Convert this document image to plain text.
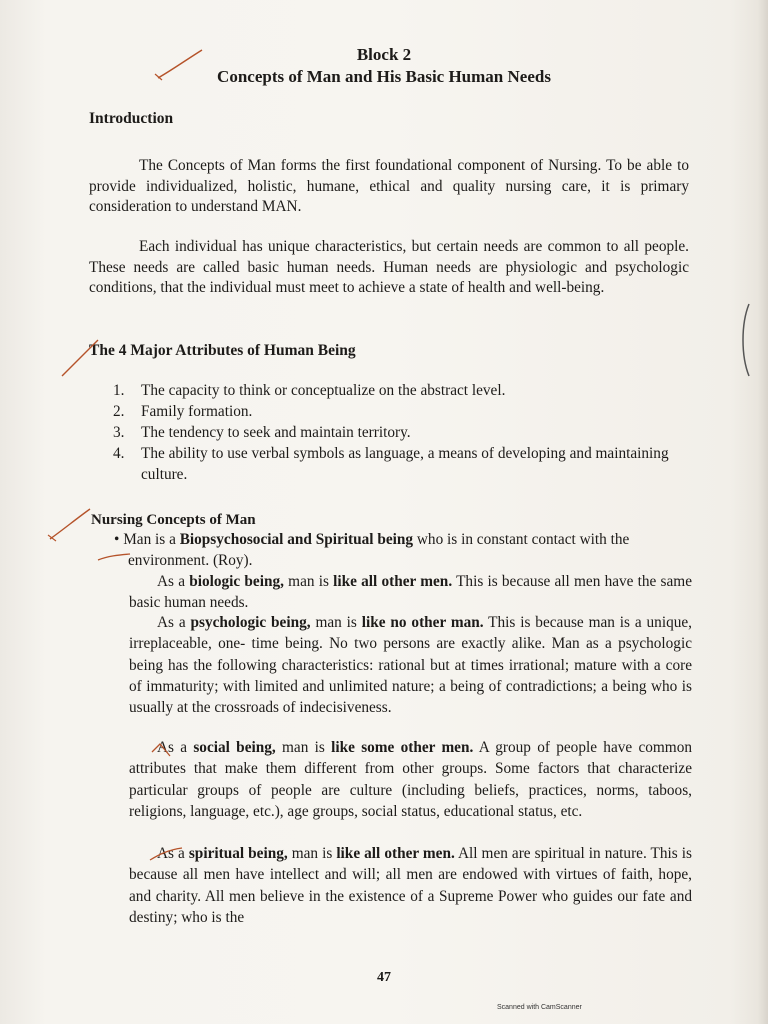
Block 2
Concepts of Man and His Basic Human Needs
Introduction
The Concepts of Man forms the first foundational component of Nursing. To be able to provide individualized, holistic, humane, ethical and quality nursing care, it is primary consideration to understand MAN.
Each individual has unique characteristics, but certain needs are common to all people. These needs are called basic human needs. Human needs are physiologic and psychologic conditions, that the individual must meet to achieve a state of health and well-being.
The 4 Major Attributes of Human Being
1. The capacity to think or conceptualize on the abstract level.
2. Family formation.
3. The tendency to seek and maintain territory.
4. The ability to use verbal symbols as language, a means of developing and maintaining culture.
Nursing Concepts of Man
• Man is a Biopsychosocial and Spiritual being who is in constant contact with the environment. (Roy).
As a biologic being, man is like all other men. This is because all men have the same basic human needs.
As a psychologic being, man is like no other man. This is because man is a unique, irreplaceable, one- time being. No two persons are exactly alike. Man as a psychologic being has the following characteristics: rational but at times irrational; mature with a core of immaturity; with limited and unlimited nature; a being of contradictions; a being who is usually at the crossroads of indecisiveness.
As a social being, man is like some other men. A group of people have common attributes that make them different from other groups. Some factors that characterize particular groups of people are culture (including beliefs, practices, norms, taboos, religions, language, etc.), age groups, social status, educational status, etc.
As a spiritual being, man is like all other men. All men are spiritual in nature. This is because all men have intellect and will; all men are endowed with virtues of faith, hope, and charity. All men believe in the existence of a Supreme Power who guides our fate and destiny; who is the
47
Scanned with CamScanner
